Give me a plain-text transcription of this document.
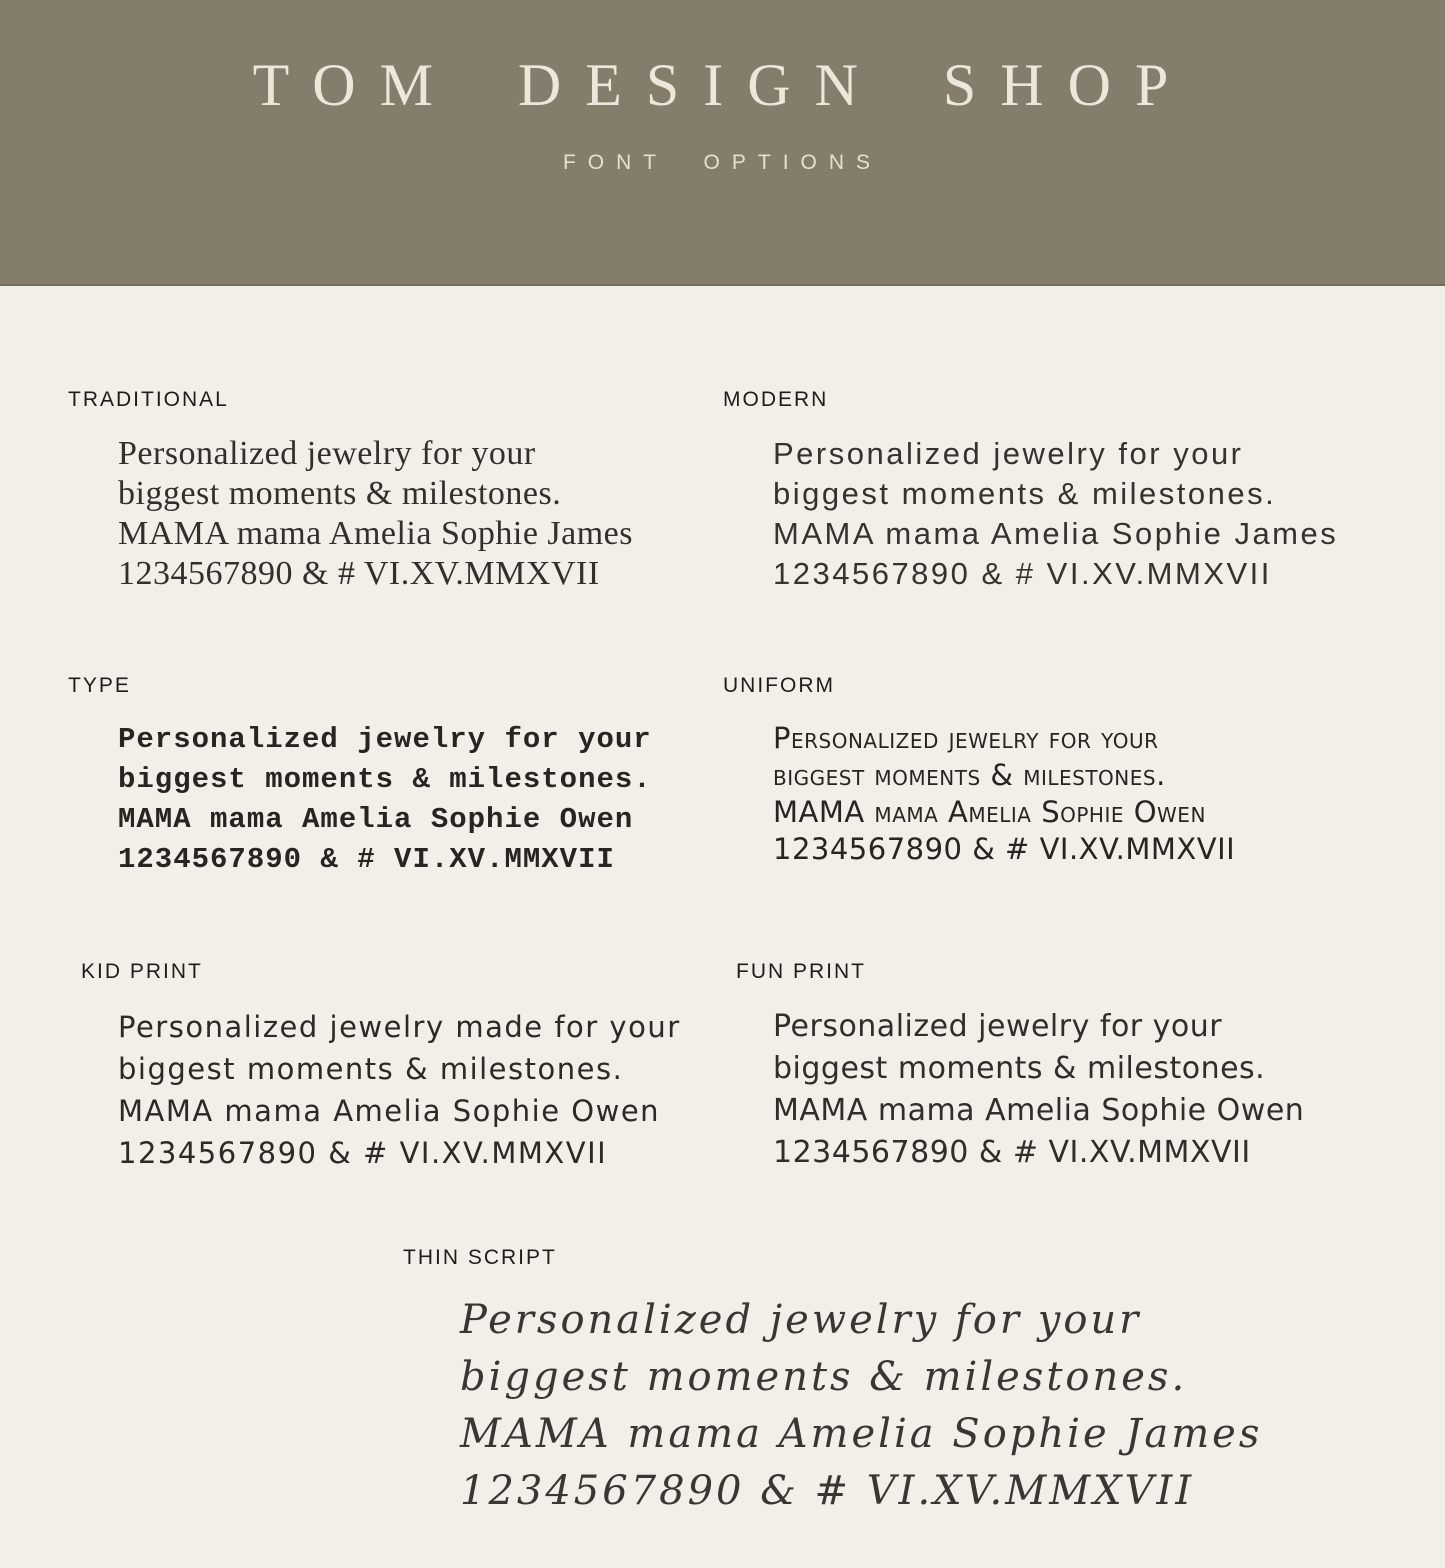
TOM DESIGN SHOP
FONT OPTIONS
TRADITIONAL
Personalized jewelry for your
biggest moments & milestones.
MAMA mama Amelia Sophie James
1234567890 & # VI.XV.MMXVII
MODERN
Personalized jewelry for your
biggest moments & milestones.
MAMA mama Amelia Sophie James
1234567890 & # VI.XV.MMXVII
TYPE
Personalized jewelry for your
biggest moments & milestones.
MAMA mama Amelia Sophie Owen
1234567890 & # VI.XV.MMXVII
UNIFORM
Personalized jewelry for your
biggest moments & milestones.
MAMA mama Amelia Sophie Owen
1234567890 & # VI.XV.MMXVII
KID PRINT
Personalized jewelry made for your
biggest moments & milestones.
MAMA mama Amelia Sophie Owen
1234567890 & # VI.XV.MMXVII
FUN PRINT
Personalized jewelry for your
biggest moments & milestones.
MAMA mama Amelia Sophie Owen
1234567890 & # VI.XV.MMXVII
THIN SCRIPT
Personalized jewelry for your
biggest moments & milestones.
MAMA mama Amelia Sophie James
1234567890 & # VI.XV.MMXVII
